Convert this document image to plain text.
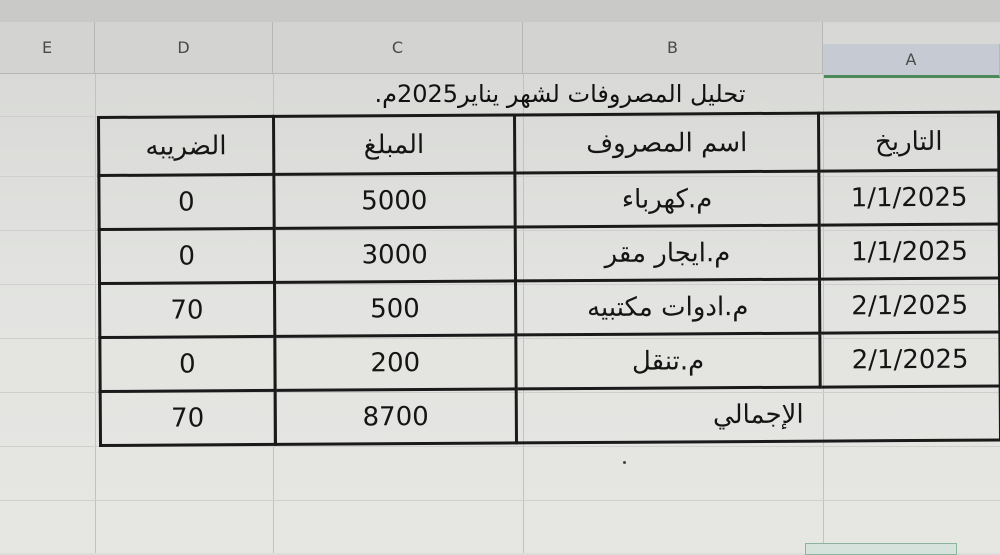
E	D	C	B
A
تحليل المصروفات لشهر يناير2025م.
الضريبه	المبلغ	اسم المصروف	التاريخ
0	5000	م.كهرباء	1/1/2025
0	3000	م.ايجار مقر	1/1/2025
70	500	م.ادوات مكتبيه	2/1/2025
0	200	م.تنقل	2/1/2025
70	8700	الإجمالي	
